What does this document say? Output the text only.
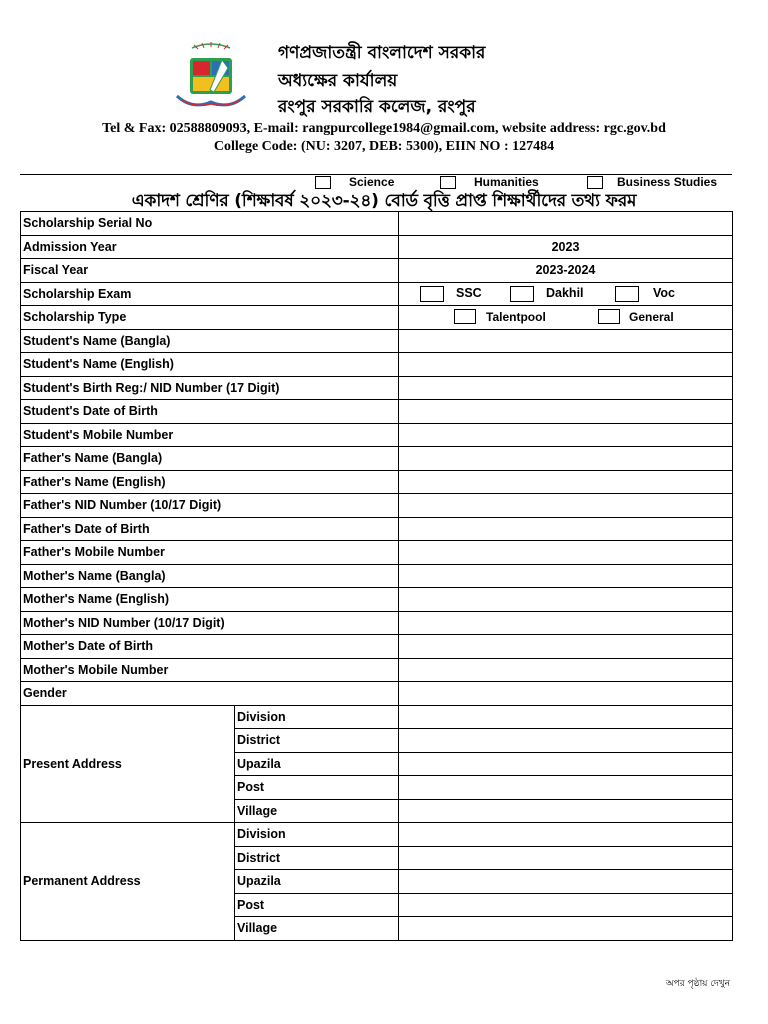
গণপ্রজাতন্ত্রী বাংলাদেশ সরকার
অধ্যক্ষের কার্যালয়
রংপুর সরকারি কলেজ, রংপুর
Tel & Fax: 02588809093, E-mail: rangpurcollege1984@gmail.com, website address: rgc.gov.bd
College Code: (NU: 3207, DEB: 5300), EIIN NO : 127484
Science	Humanities	Business Studies
একাদশ শ্রেণির (শিক্ষাবর্ষ ২০২৩-২৪) বোর্ড বৃত্তি প্রাপ্ত শিক্ষার্থীদের তথ্য ফরম
Scholarship Serial No		
Admission Year		2023
Fiscal Year		2023-2024
Scholarship Exam		SSC Dakhil Voc

Scholarship Type		Talentpool General

Student's Name (Bangla)		
Student's Name (English)		
Student's Birth Reg:/ NID Number (17 Digit)		
Student's Date of Birth		
Student's Mobile Number		
Father's Name (Bangla)		
Father's Name (English)		
Father's NID Number (10/17 Digit)		
Father's Date of Birth		
Father's Mobile Number		
Mother's Name (Bangla)		
Mother's Name (English)		
Mother's NID Number (10/17 Digit)		
Mother's Date of Birth		
Mother's Mobile Number		
Gender		
Present Address	Division	
	District	
	Upazila	
	Post	
	Village	
Permanent Address	Division	
	District	
	Upazila	
	Post	
	Village	
অপর পৃষ্ঠায় দেখুন
